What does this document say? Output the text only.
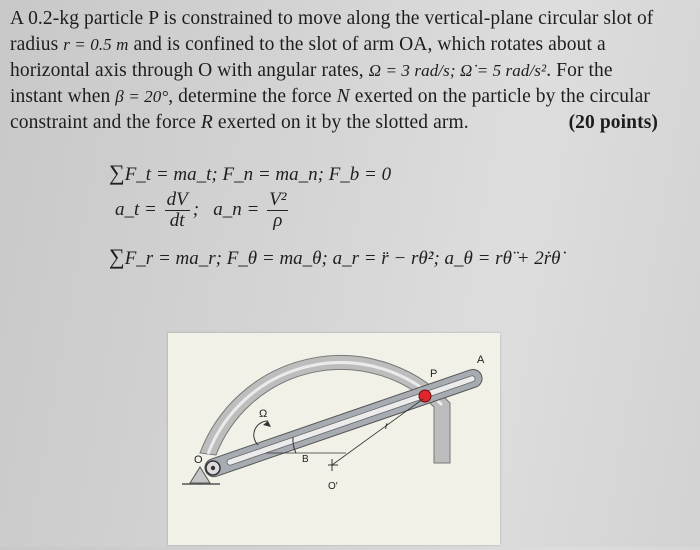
A 0.2-kg particle P is constrained to move along the vertical-plane circular slot of
radius r = 0.5 m and is confined to the slot of arm OA, which rotates about a
horizontal axis through O with angular rates, Ω = 3 rad/s; Ω̇ = 5 rad/s². For the
instant when β = 20°, determine the force N exerted on the particle by the circular
constraint and the force R exerted on it by the slotted arm.	(20 points)
∑F_t = ma_t; F_n = ma_n; F_b = 0
a_t = $\frac{dV}{dt}$ ;   a_n = $\frac{\text{V²}}{\rho}$
∑F_r = ma_r; F_θ = ma_θ; a_r = r̈ − rθ̇²; a_θ = rθ̈ + 2ṙθ̇
A
P
Ω
O	B
r
O′
